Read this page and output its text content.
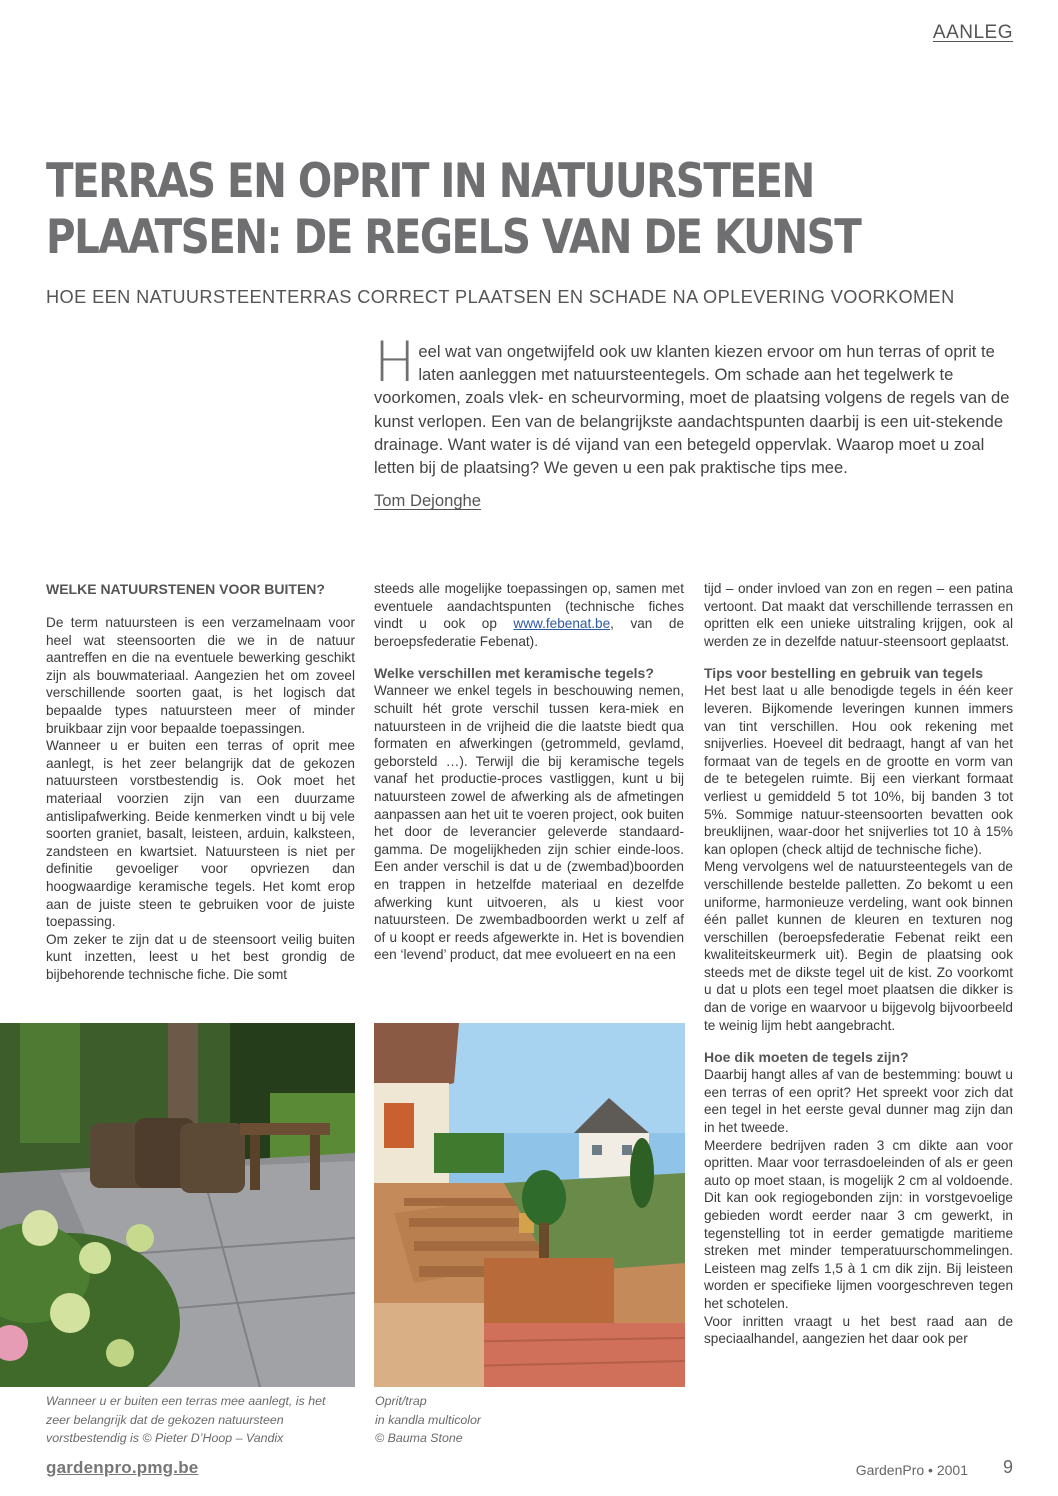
AANLEG
TERRAS EN OPRIT IN NATUURSTEEN
PLAATSEN: DE REGELS VAN DE KUNST
HOE EEN NATUURSTEENTERRAS CORRECT PLAATSEN EN SCHADE NA OPLEVERING VOORKOMEN
Heel wat van ongetwijfeld ook uw klanten kiezen ervoor om hun terras of oprit te laten aanleggen met natuursteentegels. Om schade aan het tegelwerk te voorkomen, zoals vlek- en scheurvorming, moet de plaatsing volgens de regels van de kunst verlopen. Een van de belangrijkste aandachtspunten daarbij is een uit-stekende drainage. Want water is dé vijand van een betegeld oppervlak. Waarop moet u zoal letten bij de plaatsing? We geven u een pak praktische tips mee.
Tom Dejonghe
WELKE NATUURSTENEN VOOR BUITEN?

De term natuursteen is een verzamelnaam voor heel wat steensoorten die we in de natuur aantreffen en die na eventuele bewerking geschikt zijn als bouwmateriaal. Aangezien het om zoveel verschillende soorten gaat, is het logisch dat bepaalde types natuursteen meer of minder bruikbaar zijn voor bepaalde toepassingen.

Wanneer u er buiten een terras of oprit mee aanlegt, is het zeer belangrijk dat de gekozen natuursteen vorstbestendig is. Ook moet het materiaal voorzien zijn van een duurzame antislipafwerking. Beide kenmerken vindt u bij vele soorten graniet, basalt, leisteen, arduin, kalksteen, zandsteen en kwartsiet. Natuursteen is niet per definitie gevoeliger voor opvriezen dan hoogwaardige keramische tegels. Het komt erop aan de juiste steen te gebruiken voor de juiste toepassing.

Om zeker te zijn dat u de steensoort veilig buiten kunt inzetten, leest u het best grondig de bijbehorende technische fiche. Die somt

steeds alle mogelijke toepassingen op, samen met eventuele aandachtspunten (technische fiches vindt u ook op www.febenat.be, van de beroepsfederatie Febenat).

Welke verschillen met keramische tegels?

Wanneer we enkel tegels in beschouwing nemen, schuilt hét grote verschil tussen kera-miek en natuursteen in de vrijheid die die laatste biedt qua formaten en afwerkingen (getrommeld, gevlamd, geborsteld …). Terwijl die bij keramische tegels vanaf het productie-proces vastliggen, kunt u bij natuursteen zowel de afwerking als de afmetingen aanpassen aan het uit te voeren project, ook buiten het door de leverancier geleverde standaard-gamma. De mogelijkheden zijn schier einde-loos. Een ander verschil is dat u de (zwembad)boorden en trappen in hetzelfde materiaal en dezelfde afwerking kunt uitvoeren, als u kiest voor natuursteen. De zwembadboorden werkt u zelf af of u koopt er reeds afgewerkte in. Het is bovendien een ‘levend’ product, dat mee evolueert en na een

tijd – onder invloed van zon en regen – een patina vertoont. Dat maakt dat verschillende terrassen en opritten elk een unieke uitstraling krijgen, ook al werden ze in dezelfde natuur-steensoort geplaatst.

Tips voor bestelling en gebruik van tegels

Het best laat u alle benodigde tegels in één keer leveren. Bijkomende leveringen kunnen immers van tint verschillen. Hou ook rekening met snijverlies. Hoeveel dit bedraagt, hangt af van het formaat van de tegels en de grootte en vorm van de te betegelen ruimte. Bij een vierkant formaat verliest u gemiddeld 5 tot 10%, bij banden 3 tot 5%. Sommige natuur-steensoorten bevatten ook breuklijnen, waar-door het snijverlies tot 10 à 15% kan oplopen (check altijd de technische fiche).

Meng vervolgens wel de natuursteentegels van de verschillende bestelde palletten. Zo bekomt u een uniforme, harmonieuze verdeling, want ook binnen één pallet kunnen de kleuren en texturen nog verschillen (beroepsfederatie Febenat reikt een kwaliteitskeurmerk uit). Begin de plaatsing ook steeds met de dikste tegel uit de kist. Zo voorkomt u dat u plots een tegel moet plaatsen die dikker is dan de vorige en waarvoor u bijgevolg bijvoorbeeld te weinig lijm hebt aangebracht.

Hoe dik moeten de tegels zijn?

Daarbij hangt alles af van de bestemming: bouwt u een terras of een oprit? Het spreekt voor zich dat een tegel in het eerste geval dunner mag zijn dan in het tweede.

Meerdere bedrijven raden 3 cm dikte aan voor opritten. Maar voor terrasdoeleinden of als er geen auto op moet staan, is mogelijk 2 cm al voldoende. Dit kan ook regiogebonden zijn: in vorstgevoelige gebieden wordt eerder naar 3 cm gewerkt, in tegenstelling tot in eerder gematigde maritieme streken met minder temperatuurschommelingen. Leisteen mag zelfs 1,5 à 1 cm dik zijn. Bij leisteen worden er specifieke lijmen voorgeschreven tegen het schotelen.

Voor inritten vraagt u het best raad aan de speciaalhandel, aangezien het daar ook per

Wanneer u er buiten een terras mee aanlegt, is het
zeer belangrijk dat de gekozen natuursteen
vorstbestendig is © Pieter D’Hoop – Vandix
Oprit/trap
in kandla multicolor
© Bauma Stone
gardenpro.pmg.be	GardenPro • 2001 9
